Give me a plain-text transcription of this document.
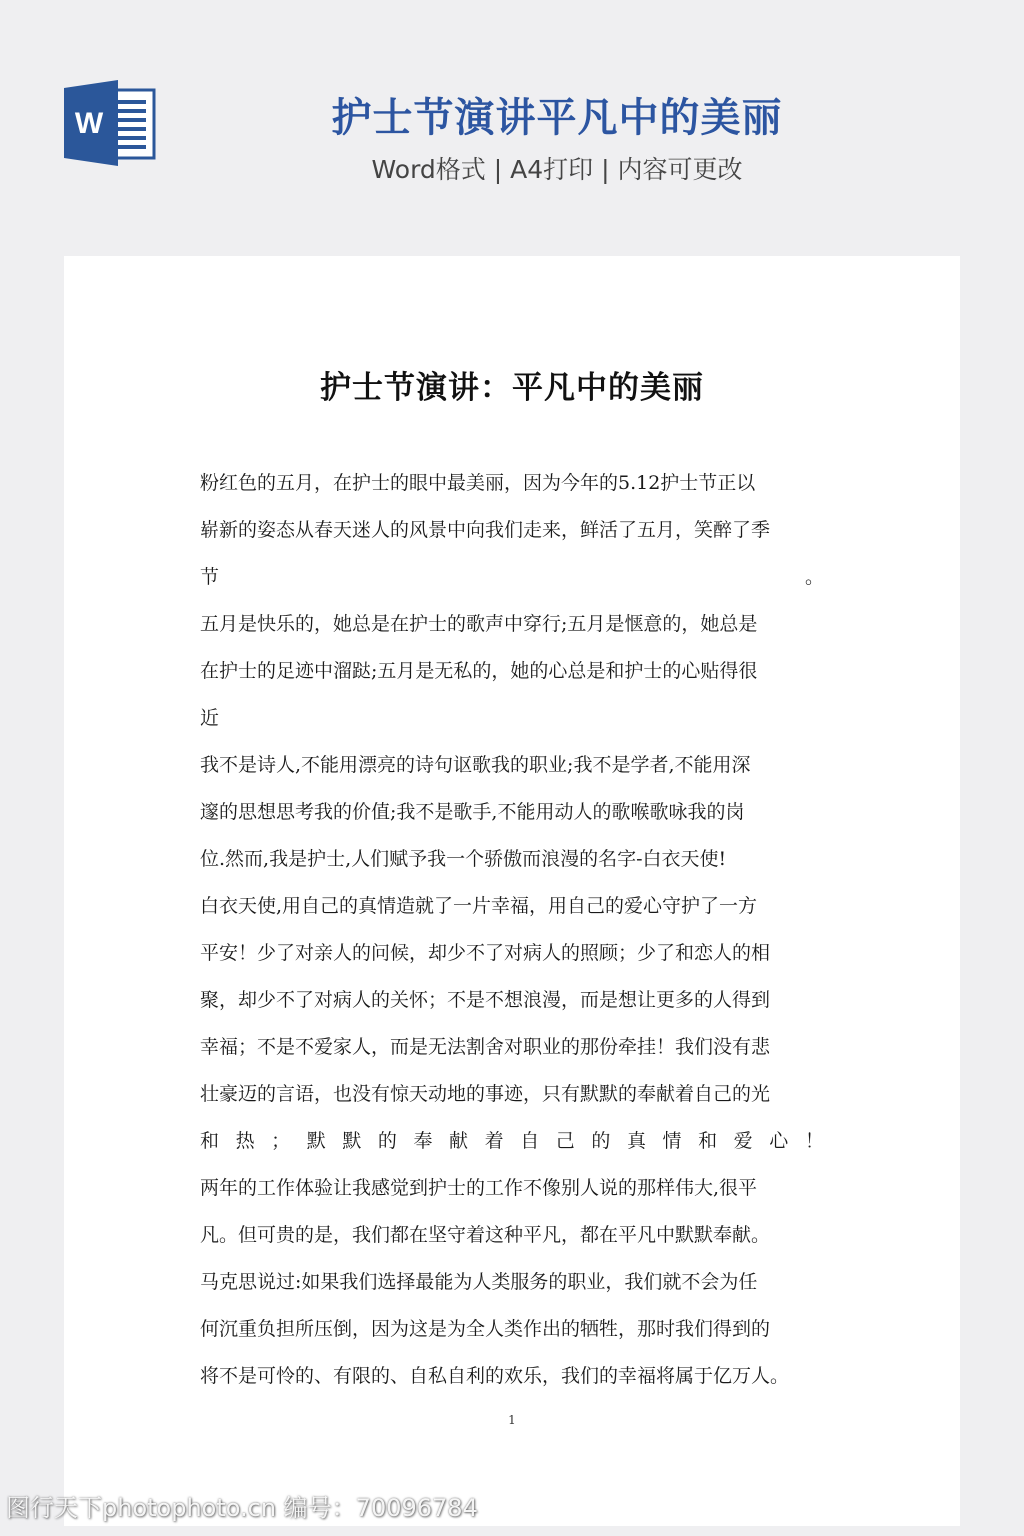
W	护士节演讲平凡中的美丽
Word格式 | A4打印 | 内容可更改
护士节演讲：平凡中的美丽
粉红色的五月，在护士的眼中最美丽，因为今年的5.12护士节正以
崭新的姿态从春天迷人的风景中向我们走来，鲜活了五月，笑醉了季
节	。
五月是快乐的，她总是在护士的歌声中穿行;五月是惬意的，她总是
在护士的足迹中溜跶;五月是无私的，她的心总是和护士的心贴得很
近
我不是诗人,不能用漂亮的诗句讴歌我的职业;我不是学者,不能用深
邃的思想思考我的价值;我不是歌手,不能用动人的歌喉歌咏我的岗
位.然而,我是护士,人们赋予我一个骄傲而浪漫的名字-白衣天使!
白衣天使,用自己的真情造就了一片幸福，用自己的爱心守护了一方
平安！少了对亲人的问候，却少不了对病人的照顾；少了和恋人的相
聚，却少不了对病人的关怀；不是不想浪漫，而是想让更多的人得到
幸福；不是不爱家人，而是无法割舍对职业的那份牵挂！我们没有悲
壮豪迈的言语，也没有惊天动地的事迹，只有默默的奉献着自己的光
和 热 ； 默 默 的 奉 献 着 自 己 的 真 情 和 爱 心 ！
两年的工作体验让我感觉到护士的工作不像别人说的那样伟大,很平
凡。但可贵的是，我们都在坚守着这种平凡，都在平凡中默默奉献。
马克思说过:如果我们选择最能为人类服务的职业，我们就不会为任
何沉重负担所压倒，因为这是为全人类作出的牺牲，那时我们得到的
将不是可怜的、有限的、自私自利的欢乐，我们的幸福将属于亿万人。
1
图行天下photophoto.cn 编号：70096784
